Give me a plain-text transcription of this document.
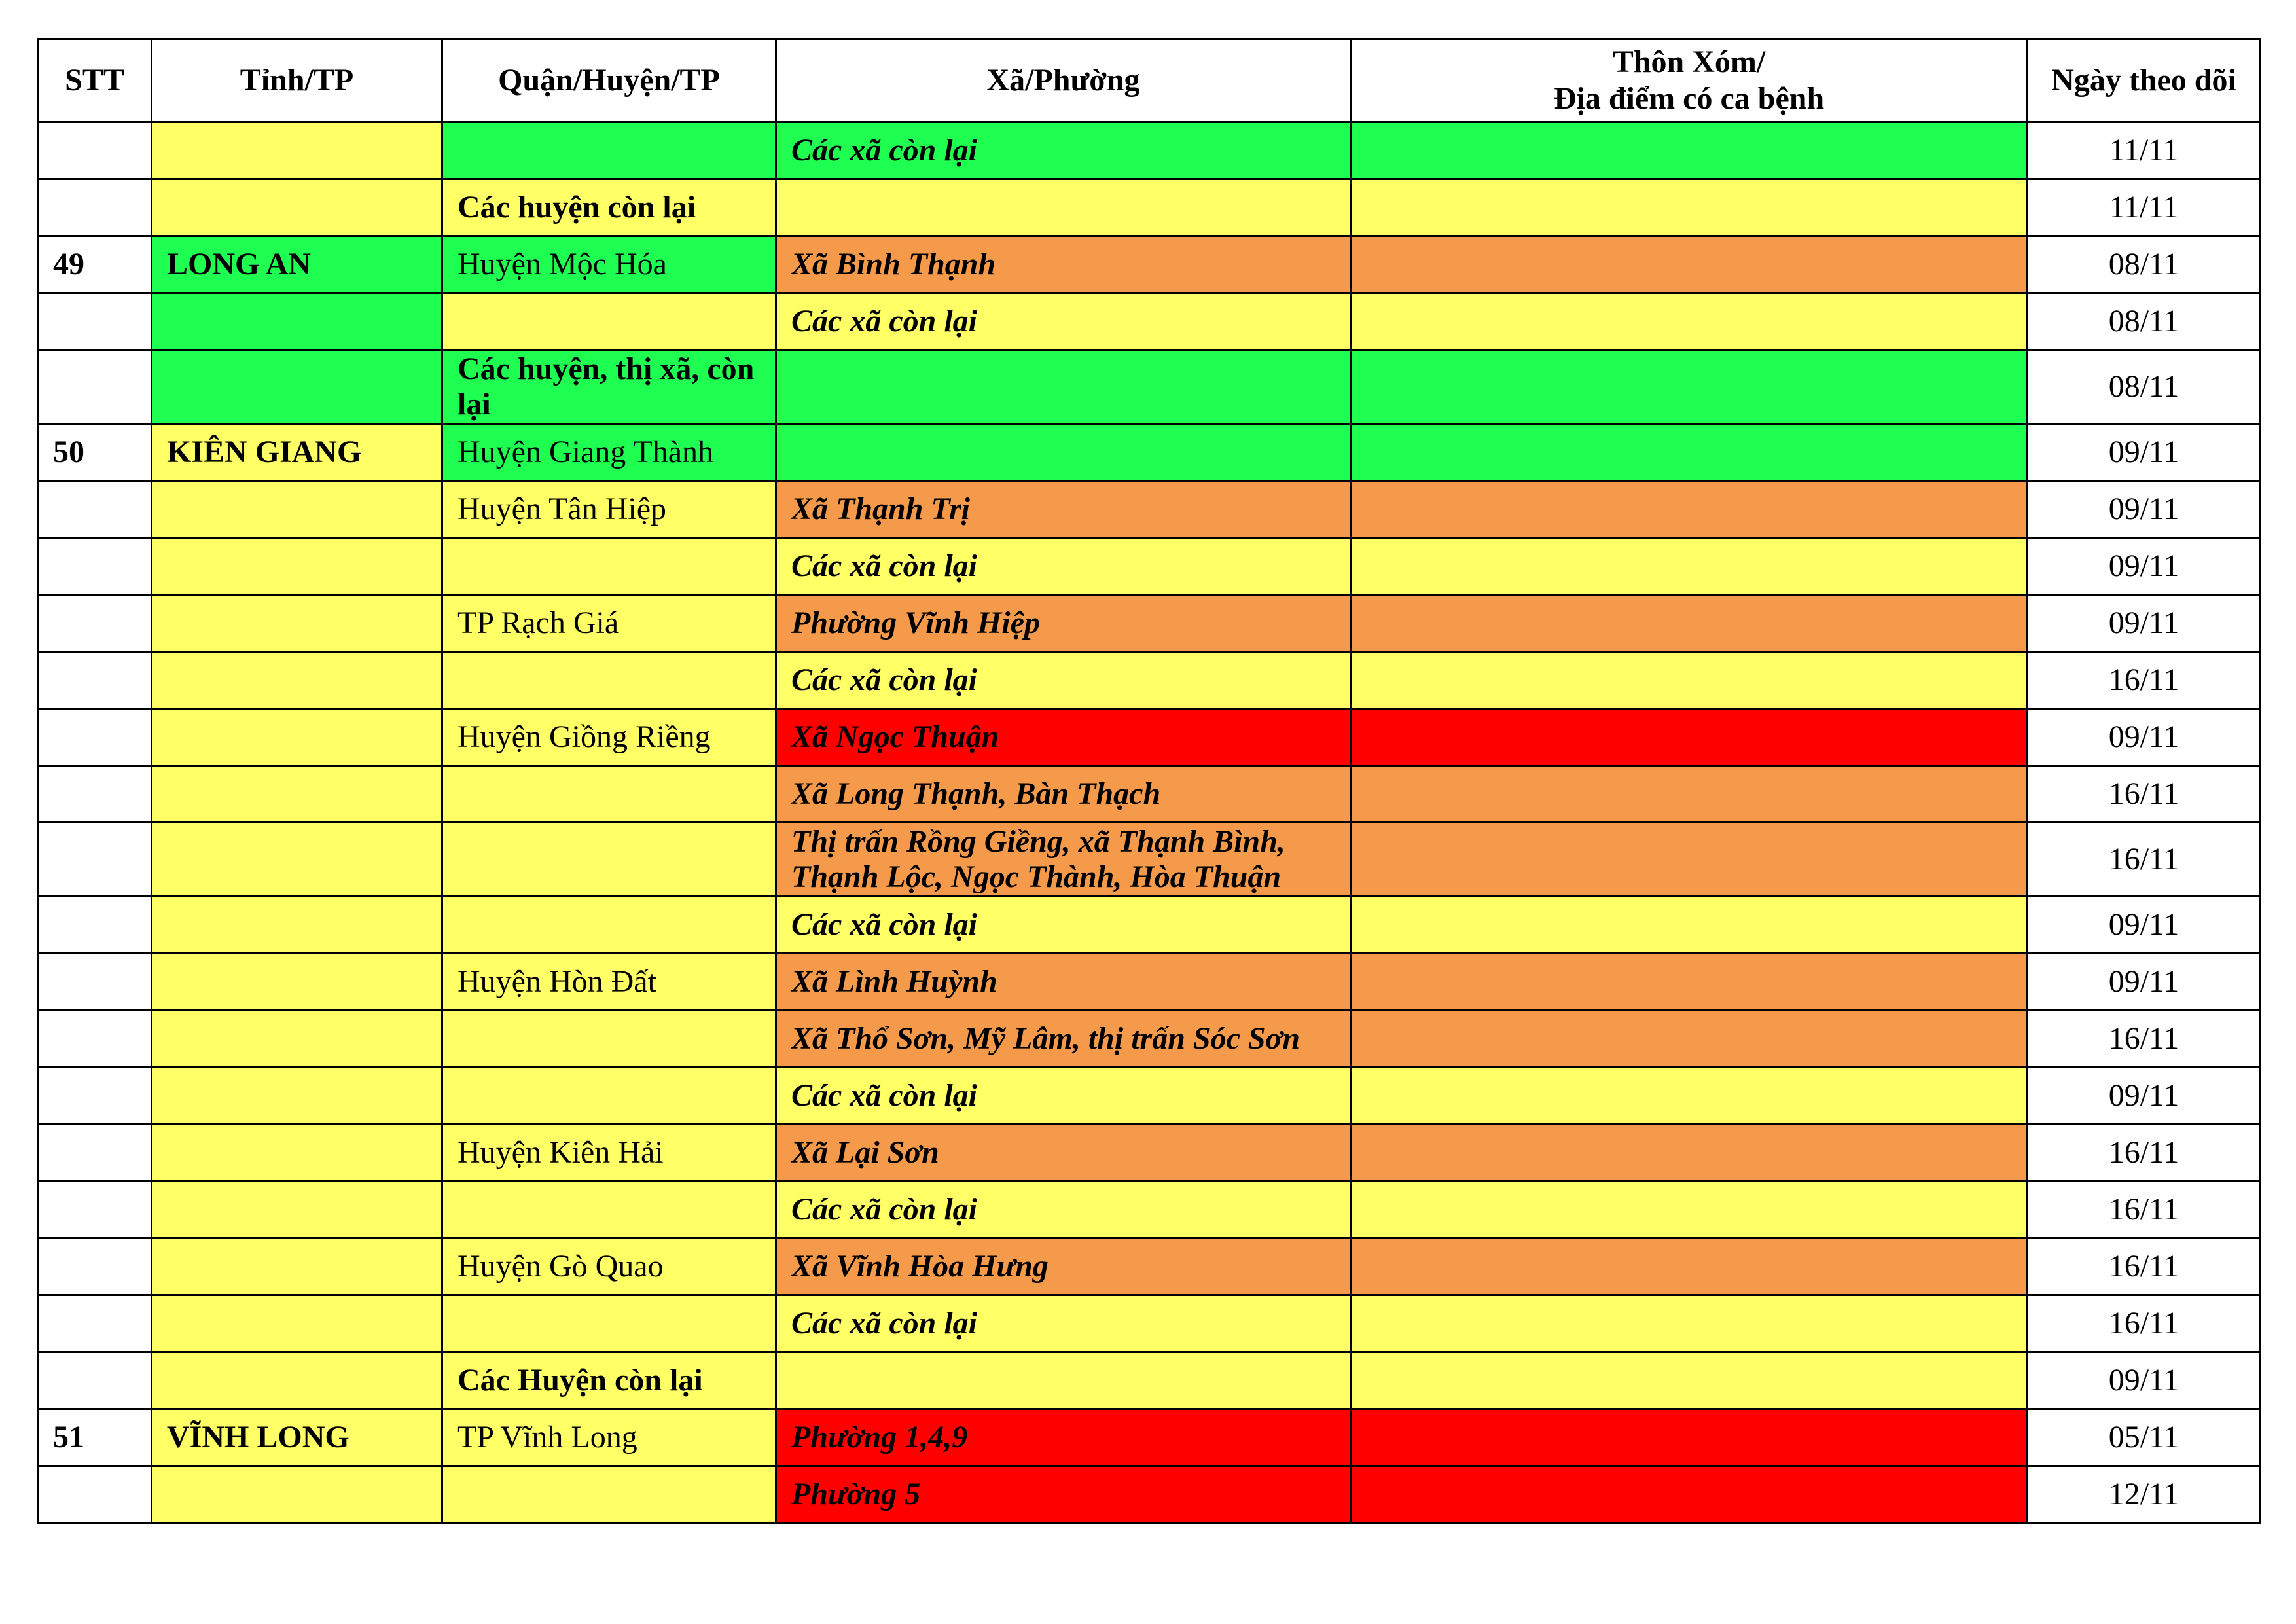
STT	Tỉnh/TP	Quận/Huyện/TP	Xã/Phường	Thôn Xóm/
Địa điểm có ca bệnh	Ngày theo dõi
			Các xã còn lại		11/11
		Các huyện còn lại			11/11
49	LONG AN	Huyện Mộc Hóa	Xã Bình Thạnh		08/11
			Các xã còn lại		08/11
		Các huyện, thị xã, còn lại			08/11
50	KIÊN GIANG	Huyện Giang Thành			09/11
		Huyện Tân Hiệp	Xã Thạnh Trị		09/11
			Các xã còn lại		09/11
		TP Rạch Giá	Phường Vĩnh Hiệp		09/11
			Các xã còn lại		16/11
		Huyện Giồng Riềng	Xã Ngọc Thuận		09/11
			Xã Long Thạnh, Bàn Thạch		16/11
			Thị trấn Rồng Giềng, xã Thạnh Bình, Thạnh Lộc, Ngọc Thành, Hòa Thuận		16/11
			Các xã còn lại		09/11
		Huyện Hòn Đất	Xã Lình Huỳnh		09/11
			Xã Thổ Sơn, Mỹ Lâm, thị trấn Sóc Sơn		16/11
			Các xã còn lại		09/11
		Huyện Kiên Hải	Xã Lại Sơn		16/11
			Các xã còn lại		16/11
		Huyện Gò Quao	Xã Vĩnh Hòa Hưng		16/11
			Các xã còn lại		16/11
		Các Huyện còn lại			09/11
51	VĨNH LONG	TP Vĩnh Long	Phường 1,4,9		05/11
			Phường 5		12/11
